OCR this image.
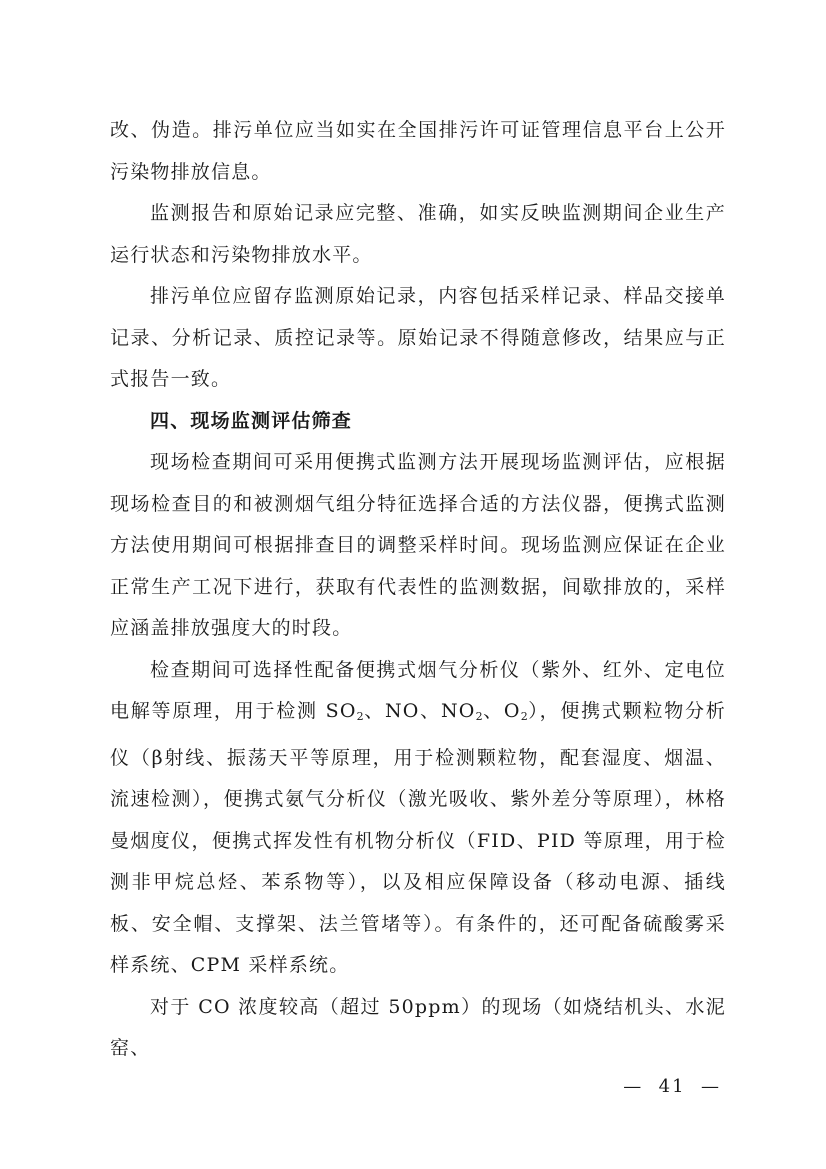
改、伪造。排污单位应当如实在全国排污许可证管理信息平台上公开污染物排放信息。

监测报告和原始记录应完整、准确，如实反映监测期间企业生产运行状态和污染物排放水平。

排污单位应留存监测原始记录，内容包括采样记录、样品交接单记录、分析记录、质控记录等。原始记录不得随意修改，结果应与正式报告一致。

四、现场监测评估筛查

现场检查期间可采用便携式监测方法开展现场监测评估，应根据现场检查目的和被测烟气组分特征选择合适的方法仪器，便携式监测方法使用期间可根据排查目的调整采样时间。现场监测应保证在企业正常生产工况下进行，获取有代表性的监测数据，间歇排放的，采样应涵盖排放强度大的时段。

检查期间可选择性配备便携式烟气分析仪（紫外、红外、定电位电解等原理，用于检测 $SO_2$、NO、$NO_2$、$O_2$），便携式颗粒物分析仪（β射线、振荡天平等原理，用于检测颗粒物，配套湿度、烟温、流速检测），便携式氨气分析仪（激光吸收、紫外差分等原理），林格曼烟度仪，便携式挥发性有机物分析仪（FID、PID 等原理，用于检测非甲烷总烃、苯系物等），以及相应保障设备（移动电源、插线板、安全帽、支撑架、法兰管堵等）。有条件的，还可配备硫酸雾采样系统、CPM 采样系统。

对于 CO 浓度较高（超过 50ppm）的现场（如烧结机头、水泥窑、

—  41  —
